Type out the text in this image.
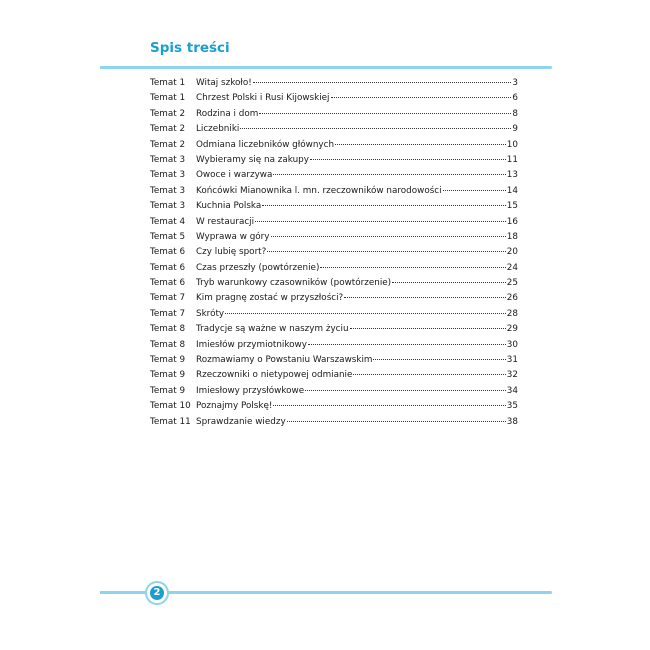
Spis treści
Temat 1	Witaj szkoło!	3
Temat 1	Chrzest Polski i Rusi Kijowskiej	6
Temat 2	Rodzina i dom	8
Temat 2	Liczebniki	9
Temat 2	Odmiana liczebników głównych	10
Temat 3	Wybieramy się na zakupy	11
Temat 3	Owoce i warzywa	13
Temat 3	Końcówki Mianownika l. mn. rzeczowników narodowości	14
Temat 3	Kuchnia Polska	15
Temat 4	W restauracji	16
Temat 5	Wyprawa w góry	18
Temat 6	Czy lubię sport?	20
Temat 6	Czas przeszły (powtórzenie)	24
Temat 6	Tryb warunkowy czasowników (powtórzenie)	25
Temat 7	Kim pragnę zostać w przyszłości?	26
Temat 7	Skróty	28
Temat 8	Tradycje są ważne w naszym życiu	29
Temat 8	Imiesłów przymiotnikowy	30
Temat 9	Rozmawiamy o Powstaniu Warszawskim	31
Temat 9	Rzeczowniki o nietypowej odmianie	32
Temat 9	Imiesłowy przysłówkowe	34
Temat 10 Poznajmy Polskę!	35
Temat 11 Sprawdzanie wiedzy	38
2
